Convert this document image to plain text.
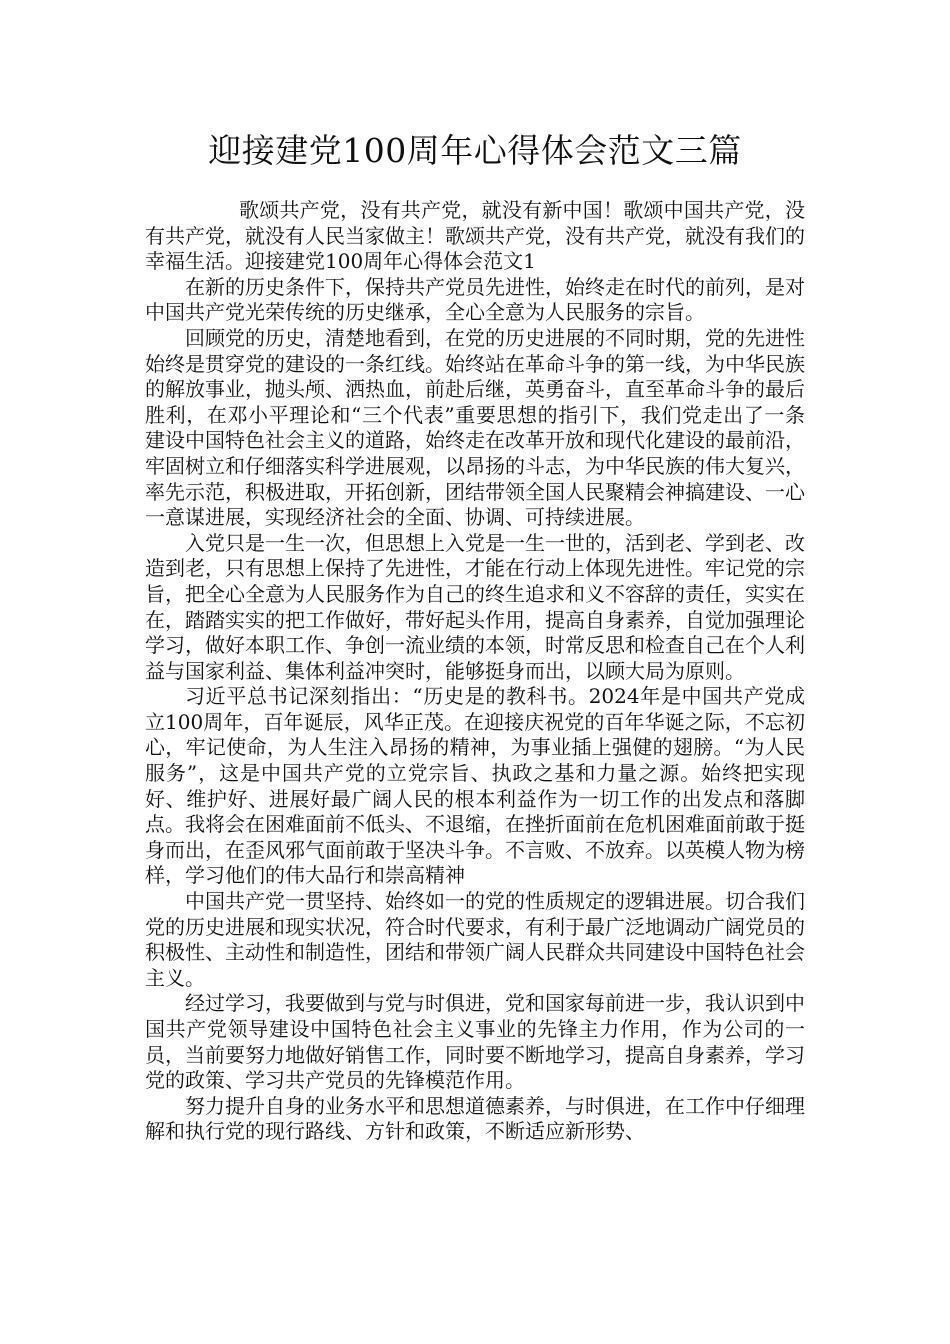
迎接建党100周年心得体会范文三篇

歌颂共产党，没有共产党，就没有新中国！歌颂中国共产党，没有共产党，就没有人民当家做主！歌颂共产党，没有共产党，就没有我们的幸福生活。迎接建党100周年心得体会范文1

在新的历史条件下，保持共产党员先进性，始终走在时代的前列，是对中国共产党光荣传统的历史继承，全心全意为人民服务的宗旨。

回顾党的历史，清楚地看到，在党的历史进展的不同时期，党的先进性始终是贯穿党的建设的一条红线。始终站在革命斗争的第一线，为中华民族的解放事业，抛头颅、洒热血，前赴后继，英勇奋斗，直至革命斗争的最后胜利，在邓小平理论和“三个代表”重要思想的指引下，我们党走出了一条建设中国特色社会主义的道路，始终走在改革开放和现代化建设的最前沿，牢固树立和仔细落实科学进展观，以昂扬的斗志，为中华民族的伟大复兴，率先示范，积极进取，开拓创新，团结带领全国人民聚精会神搞建设、一心一意谋进展，实现经济社会的全面、协调、可持续进展。

入党只是一生一次，但思想上入党是一生一世的，活到老、学到老、改造到老，只有思想上保持了先进性，才能在行动上体现先进性。牢记党的宗旨，把全心全意为人民服务作为自己的终生追求和义不容辞的责任，实实在在，踏踏实实的把工作做好，带好起头作用，提高自身素养，自觉加强理论学习，做好本职工作、争创一流业绩的本领，时常反思和检查自己在个人利益与国家利益、集体利益冲突时，能够挺身而出，以顾大局为原则。

习近平总书记深刻指出：“历史是的教科书。2024年是中国共产党成立100周年，百年诞辰，风华正茂。在迎接庆祝党的百年华诞之际，不忘初心，牢记使命，为人生注入昂扬的精神，为事业插上强健的翅膀。“为人民服务”，这是中国共产党的立党宗旨、执政之基和力量之源。始终把实现好、维护好、进展好最广阔人民的根本利益作为一切工作的出发点和落脚点。我将会在困难面前不低头、不退缩，在挫折面前在危机困难面前敢于挺身而出，在歪风邪气面前敢于坚决斗争。不言败、不放弃。以英模人物为榜样，学习他们的伟大品行和崇高精神

中国共产党一贯坚持、始终如一的党的性质规定的逻辑进展。切合我们党的历史进展和现实状况，符合时代要求，有利于最广泛地调动广阔党员的积极性、主动性和制造性，团结和带领广阔人民群众共同建设中国特色社会主义。

经过学习，我要做到与党与时俱进，党和国家每前进一步，我认识到中国共产党领导建设中国特色社会主义事业的先锋主力作用，作为公司的一员，当前要努力地做好销售工作，同时要不断地学习，提高自身素养，学习党的政策、学习共产党员的先锋模范作用。

努力提升自身的业务水平和思想道德素养，与时俱进，在工作中仔细理解和执行党的现行路线、方针和政策，不断适应新形势、
